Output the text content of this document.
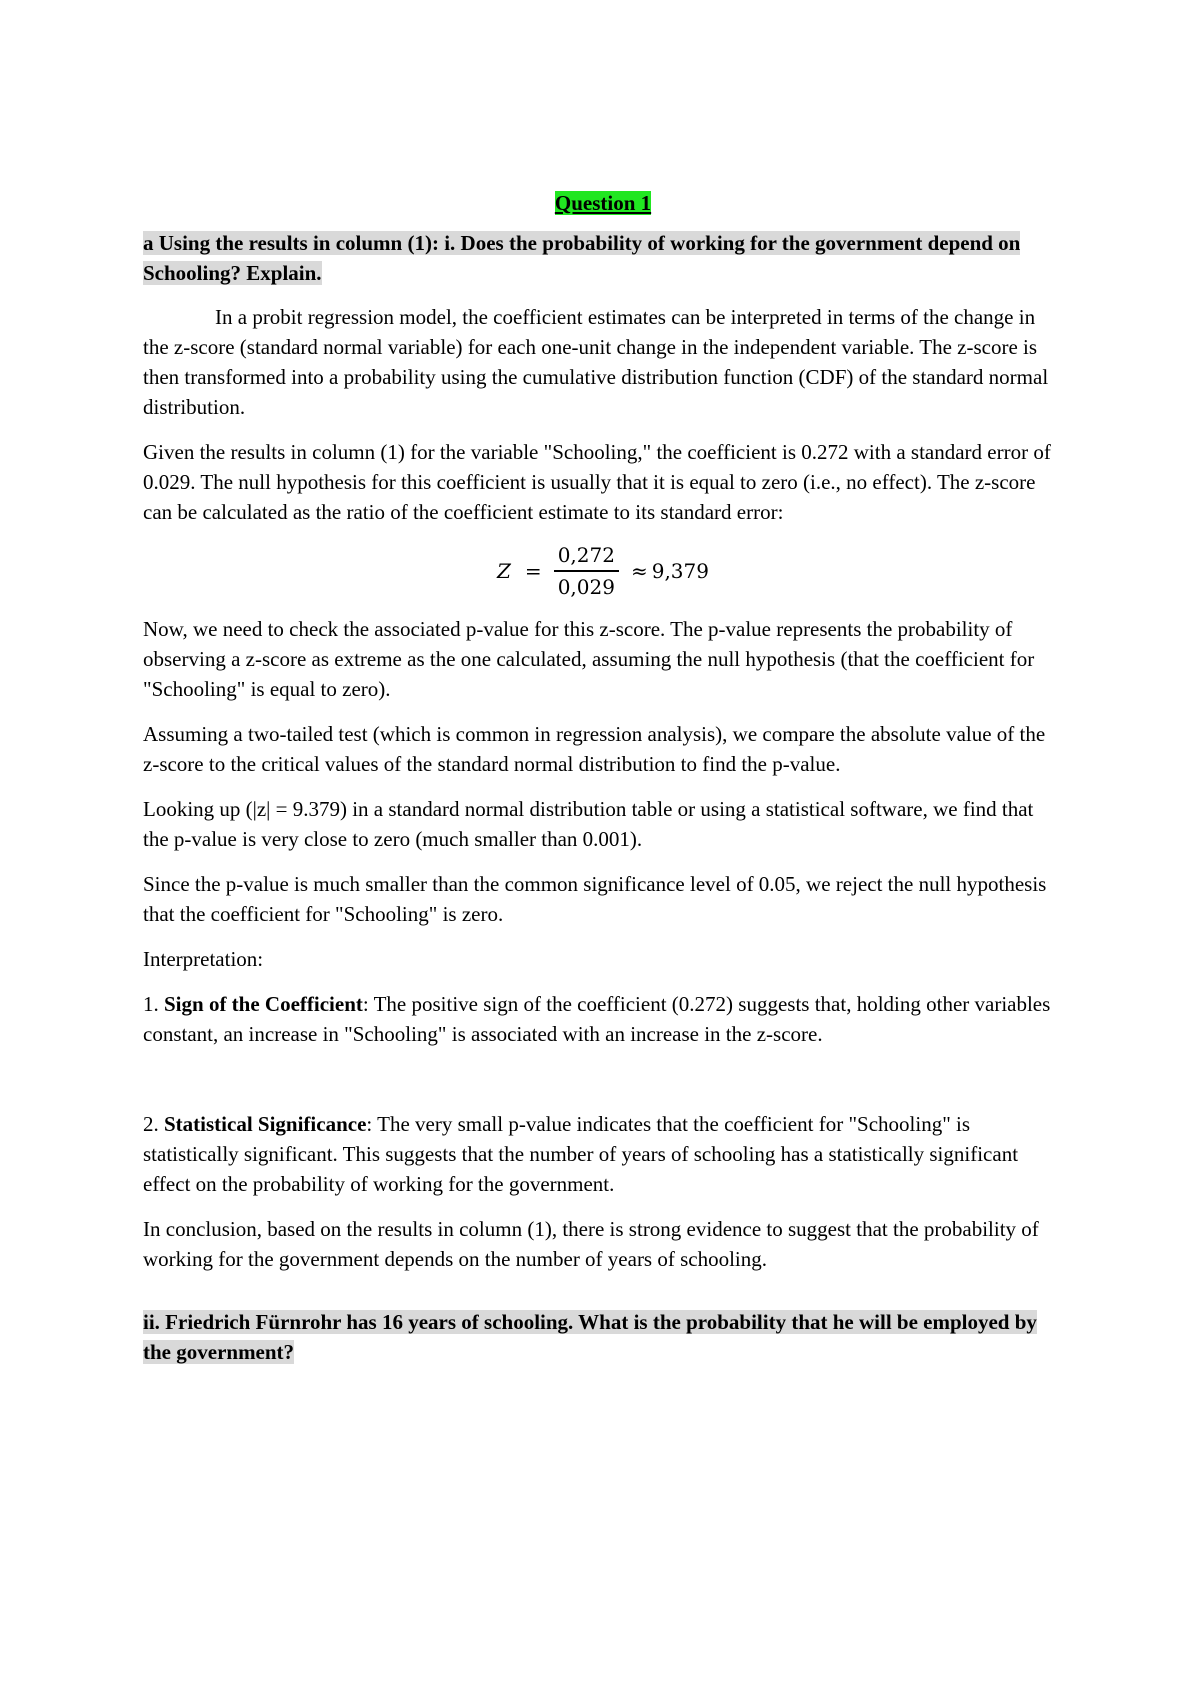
Question 1

a Using the results in column (1): i. Does the probability of working for the government depend on Schooling? Explain.

In a probit regression model, the coefficient estimates can be interpreted in terms of the change in the z-score (standard normal variable) for each one-unit change in the independent variable. The z-score is then transformed into a probability using the cumulative distribution function (CDF) of the standard normal distribution.

Given the results in column (1) for the variable "Schooling," the coefficient is 0.272 with a standard error of 0.029. The null hypothesis for this coefficient is usually that it is equal to zero (i.e., no effect). The z-score can be calculated as the ratio of the coefficient estimate to its standard error:

$Z = \frac{0,272}{0,029} \approx 9,379$

Now, we need to check the associated p-value for this z-score. The p-value represents the probability of observing a z-score as extreme as the one calculated, assuming the null hypothesis (that the coefficient for "Schooling" is equal to zero).

Assuming a two-tailed test (which is common in regression analysis), we compare the absolute value of the z-score to the critical values of the standard normal distribution to find the p-value.

Looking up (|z| = 9.379) in a standard normal distribution table or using a statistical software, we find that the p-value is very close to zero (much smaller than 0.001).

Since the p-value is much smaller than the common significance level of 0.05, we reject the null hypothesis that the coefficient for "Schooling" is zero.

Interpretation:

1. Sign of the Coefficient: The positive sign of the coefficient (0.272) suggests that, holding other variables constant, an increase in "Schooling" is associated with an increase in the z-score.

2. Statistical Significance: The very small p-value indicates that the coefficient for "Schooling" is statistically significant. This suggests that the number of years of schooling has a statistically significant effect on the probability of working for the government.

In conclusion, based on the results in column (1), there is strong evidence to suggest that the probability of working for the government depends on the number of years of schooling.

ii. Friedrich Fürnrohr has 16 years of schooling. What is the probability that he will be employed by the government?
